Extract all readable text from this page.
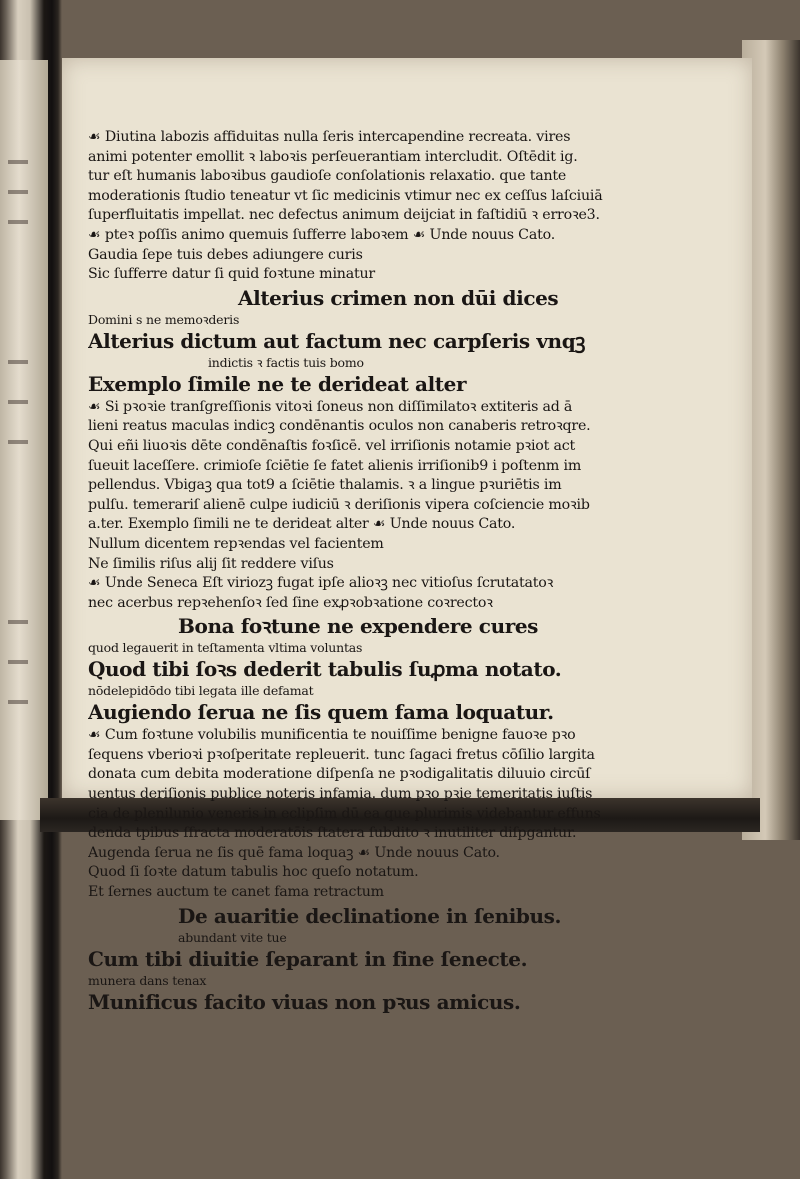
☙ Diutina labozis affiduitas nulla ſeris intercapendine recreata. vires
animi potenter emollit ꝛ laboꝛis perſeuerantiam intercludit. Oſtēdit ig.
tur eſt humanis laboꝛibus gaudioſe conſolationis relaxatio. que tante
moderationis ſtudio teneatur vt ſic medicinis vtimur nec ex ceſſus laſciuiā
ſuperfluitatis impellat. nec defectus animum deijciat in faſtidiū ꝛ erroꝛe3.
☙ pteꝛ poſſis animo quemuis ſufferre laboꝛem ☙ Unde nouus Cato.
Gaudia ſepe tuis debes adiungere curis
Sic ſufferre datur ſi quid foꝛtune minatur
Alterius crimen non dūi dices
Domini s ne memoꝛderis
Alterius dictum aut factum nec carpſeris vnqꝫ
indictis ꝛ factis tuis bomo
Exemplo ſimile ne te derideat alter
☙ Si pꝛoꝛie tranſgreſſionis vitoꝛi ſoneus non diſſimilatoꝛ extiteris ad ā
lieni reatus maculas indicꝫ condēnantis oculos non canaberis retroꝛqre.
Qui eñi liuoꝛis dēte condēnaſtis foꝛſicē. vel irriſionis notamie pꝛiot act
ſueuit laceſſere. crimioſe ſciētie ſe fatet alienis irriſionib9 i poſtenm im
pellendus. Vbigaꝫ qua tot9 a ſciētie thalamis. ꝛ a lingue pꝛuriētis im
pulſu. temerariſ alienē culpe iudiciū ꝛ deriſionis vipera coſciencie moꝛib
a.ter. Exemplo ſimili ne te derideat alter ☙ Unde nouus Cato.
Nullum dicentem repꝛendas vel facientem
Ne ſimilis riſus alij ſit reddere viſus
☙ Unde Seneca Eſt viriozꝫ fugat ipſe alioꝛꝫ nec vitioſus ſcrutatatoꝛ
nec acerbus repꝛehenſoꝛ ſed ſine exꝓꝛobꝛatione coꝛrectoꝛ
Bona foꝛtune ne expendere cures
quod legauerit in teſtamenta vltima voluntas
Quod tibi ſoꝛs dederit tabulis ſuꝓma notato.
nōdelepidōdo tibi legata ille defamat
Augiendo ſerua ne ſis quem fama loquatur.
☙ Cum foꝛtune volubilis munificentia te nouiſſime benigne fauoꝛe pꝛo
ſequens vberioꝛi pꝛoſperitate repleuerit. tunc ſagaci fretus cōſilio largita
donata cum debita moderatione diſpenſa ne pꝛodigalitatis diluuio circūſ
uentus deriſionis publice noteris infamia. dum pꝛo pꝛie temeritatis iuſtis
cia de plenilunio veneris in eclipſim dū ea que plurimis videbantur effuns
denda tpibus ſfracta moderatōis ſtatera ſubdito ꝛ inutiliter diſpgantur.
Augenda ſerua ne ſis quē fama loquaꝫ ☙ Unde nouus Cato.
Quod ſi ſoꝛte datum tabulis hoc queſo notatum.
Et ſernes auctum te canet fama retractum
De auaritie declinatione in ſenibus.
abundant vite tue
Cum tibi diuitie ſeparant in fine ſenecte.
munera dans tenax
Munificus facito viuas non pꝛus amicus.
